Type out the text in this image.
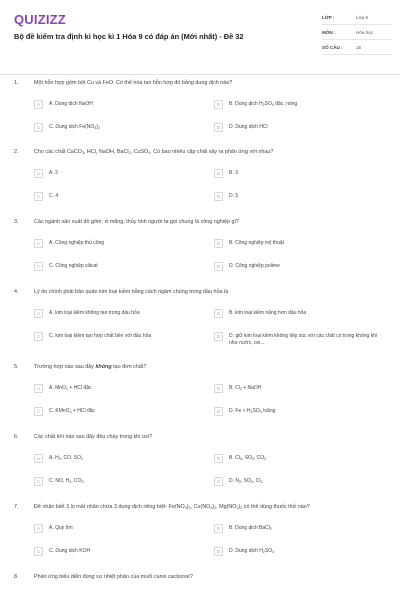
QUIZIZZ
Bộ đề kiểm tra định kì học kì 1 Hóa 9 có đáp án (Mới nhất) - Đề 32
LỚP :	Lớp 9
MÔN :	Hóa học
SỐ CÂU :	15
1.	Một hỗn hợp gồm bột Cu và FeO. Có thể hòa tan hỗn hợp đó bằng dung dịch nào?
A	A. Dung dịch NaOH	B	B. Dung dịch $H_2SO_4$ đặc, nóng
C	C. Dung dịch $Fe(NO_3)_2$	D	D. Dung dịch HCl
2.	Cho các chất CaCO$_3$, HCl, NaOH, BaCl$_2$, CuSO$_4$. Có bao nhiêu cặp chất xảy ra phản ứng với nhau?
A	A. 2	B	B. 3
C	C. 4	D	D. 5
3.	Các ngành sản xuất đồ gốm, xi măng, thủy tinh người ta gọi chung là công nghiệp gì?
A	A. Công nghiệp thủ công	B	B. Công nghiệp mỹ thuật
C	C. Công nghiệp silicat	D	D. Công nghiệp polime
4.	Lý do chính phải bảo quản kim loại kiềm bằng cách ngâm chúng trong dầu hỏa là
A	A. kim loại kiềm không tan trong dầu hỏa	B	B. kim loại kiềm nặng hơn dầu hỏa
C	C. kim loại kiềm tạo hợp chất bền với dầu hỏa	D	D. giữ kim loại kiềm không tiếp xúc với các chất có trong không khí như nước, oxi...
5.	Trường hợp nào sau đây không tạo đơn chất?
A	A. MnO$_2$ + HCl đặc	B	B. $Cl_2$ + NaOH
C	C. KMnO$_4$ + HCl đặc	D	D. $Fe + H_2SO_4$ loãng
6.	Các chất khí nào sau đây đều cháy trong khí oxi?
A	A. $H_2$, CO, $SO_2$	B	B. $Cl_2$, $SO_3$, $CO_2$
C	C. NO, $H_2$, $CO_2$	D	D. $N_2$, $SO_2$, $Cl_2$
7.	Để nhận biết 3 lọ mất nhãn chứa 3 dung dịch riêng biệt: $Fe(NO_3)_3$, $Cu(NO_3)_2$, $Mg(NO_3)_2$ có thể dùng thuốc thử nào?
A	A. Quỳ tím	B	B. Dung dịch BaCl$_2$
C	C. Dung dịch KOH	D	D. Dung dịch $H_2SO_4$
8.	Phản ứng biểu diễn đúng sự nhiệt phân của muối canxi cacbonat?
